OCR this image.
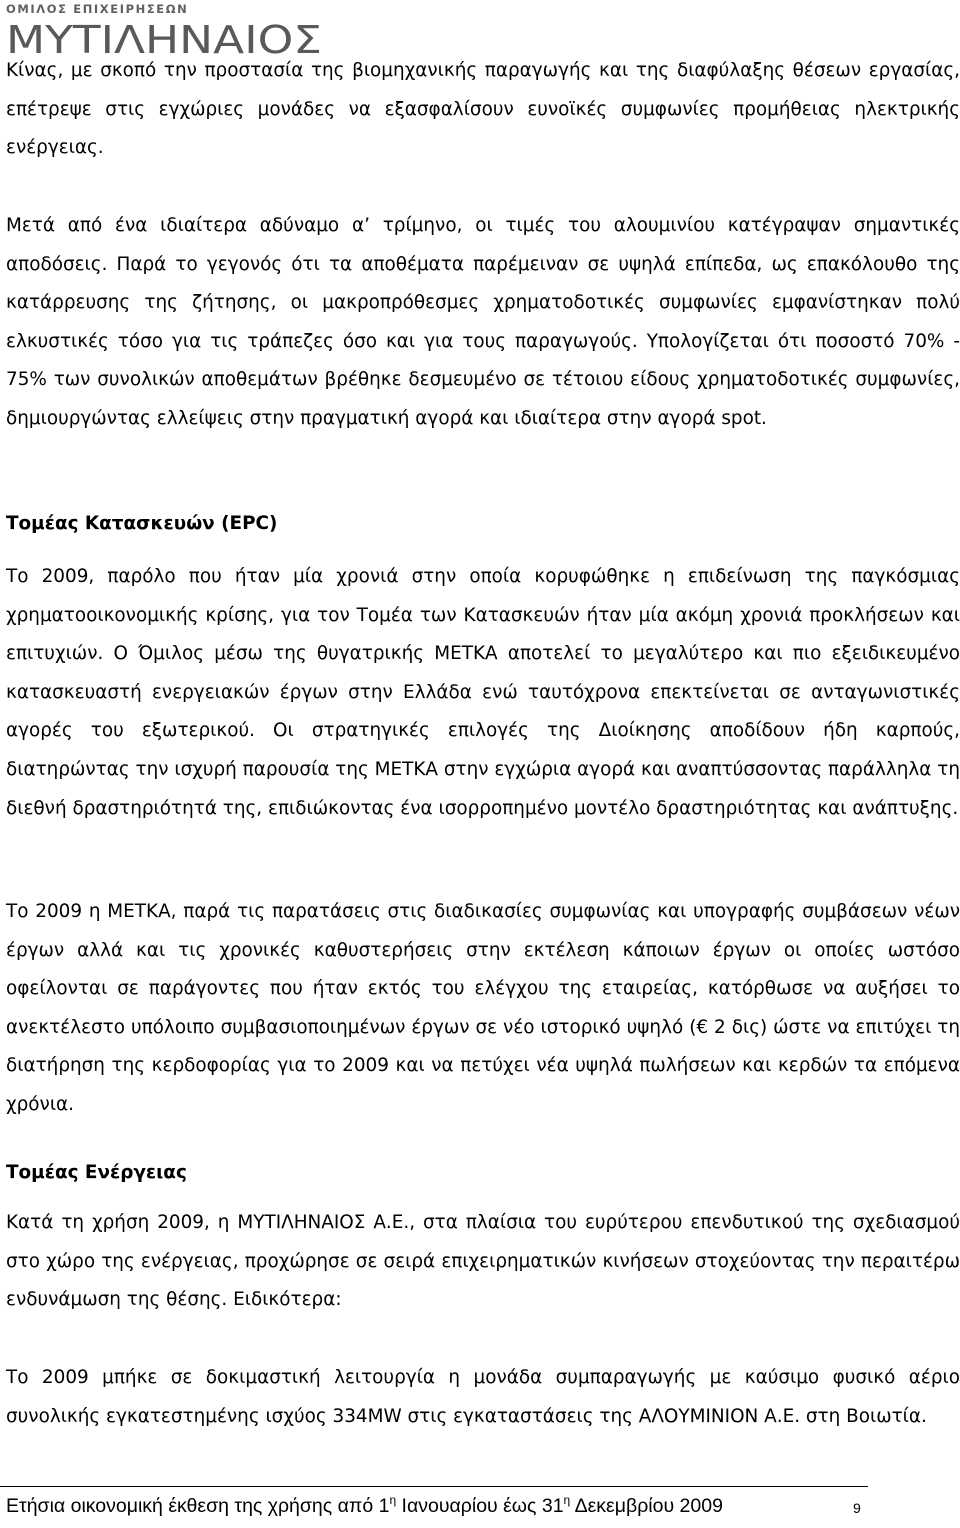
ΟΜΙΛΟΣ ΕΠΙΧΕΙΡΗΣΕΩΝ
ΜΥΤΙΛΗΝΑΙΟΣ

Κίνας, με σκοπό την προστασία της βιομηχανικής παραγωγής και της διαφύλαξης θέσεων εργασίας, επέτρεψε στις εγχώριες μονάδες να εξασφαλίσουν ευνοϊκές συμφωνίες προμήθειας ηλεκτρικής ενέργειας.

Μετά από ένα ιδιαίτερα αδύναμο α’ τρίμηνο, οι τιμές του αλουμινίου κατέγραψαν σημαντικές αποδόσεις. Παρά το γεγονός ότι τα αποθέματα παρέμειναν σε υψηλά επίπεδα, ως επακόλουθο της κατάρρευσης της ζήτησης, οι μακροπρόθεσμες χρηματοδοτικές συμφωνίες εμφανίστηκαν πολύ ελκυστικές τόσο για τις τράπεζες όσο και για τους παραγωγούς. Υπολογίζεται ότι ποσοστό 70% - 75% των συνολικών αποθεμάτων βρέθηκε δεσμευμένο σε τέτοιου είδους χρηματοδοτικές συμφωνίες, δημιουργώντας ελλείψεις στην πραγματική αγορά και ιδιαίτερα στην αγορά spot.

Τομέας Κατασκευών (EPC)

Το 2009, παρόλο που ήταν μία χρονιά στην οποία κορυφώθηκε η επιδείνωση της παγκόσμιας χρηματοοικονομικής κρίσης, για τον Τομέα των Κατασκευών ήταν μία ακόμη χρονιά προκλήσεων και επιτυχιών. Ο Όμιλος μέσω της θυγατρικής ΜΕΤΚΑ αποτελεί το μεγαλύτερο και πιο εξειδικευμένο κατασκευαστή ενεργειακών έργων στην Ελλάδα ενώ ταυτόχρονα επεκτείνεται σε ανταγωνιστικές αγορές του εξωτερικού. Οι στρατηγικές επιλογές της Διοίκησης αποδίδουν ήδη καρπούς, διατηρώντας την ισχυρή παρουσία της ΜΕΤΚΑ στην εγχώρια αγορά και αναπτύσσοντας παράλληλα τη διεθνή δραστηριότητά της, επιδιώκοντας ένα ισορροπημένο μοντέλο δραστηριότητας και ανάπτυξης.

Το 2009 η ΜΕΤΚΑ, παρά τις παρατάσεις στις διαδικασίες συμφωνίας και υπογραφής συμβάσεων νέων έργων αλλά και τις χρονικές καθυστερήσεις στην εκτέλεση κάποιων έργων οι οποίες ωστόσο οφείλονται σε παράγοντες που ήταν εκτός του ελέγχου της εταιρείας, κατόρθωσε να αυξήσει το ανεκτέλεστο υπόλοιπο συμβασιοποιημένων έργων σε νέο ιστορικό υψηλό (€ 2 δις) ώστε να επιτύχει τη διατήρηση της κερδοφορίας για το 2009 και να πετύχει νέα υψηλά πωλήσεων και κερδών τα επόμενα χρόνια.

Τομέας Ενέργειας

Κατά τη χρήση 2009, η ΜΥΤΙΛΗΝΑΙΟΣ Α.Ε., στα πλαίσια του ευρύτερου επενδυτικού της σχεδιασμού στο χώρο της ενέργειας, προχώρησε σε σειρά επιχειρηματικών κινήσεων στοχεύοντας την περαιτέρω ενδυνάμωση της θέσης. Ειδικότερα:

Το 2009 μπήκε σε δοκιμαστική λειτουργία η μονάδα συμπαραγωγής με καύσιμο φυσικό αέριο συνολικής εγκατεστημένης ισχύος 334MW στις εγκαταστάσεις της ΑΛΟΥΜΙΝΙΟΝ Α.Ε. στη Βοιωτία.

Ετήσια οικονομική έκθεση της χρήσης από $1^\eta$ Ιανουαρίου έως $31^\eta$ Δεκεμβρίου 2009	9
